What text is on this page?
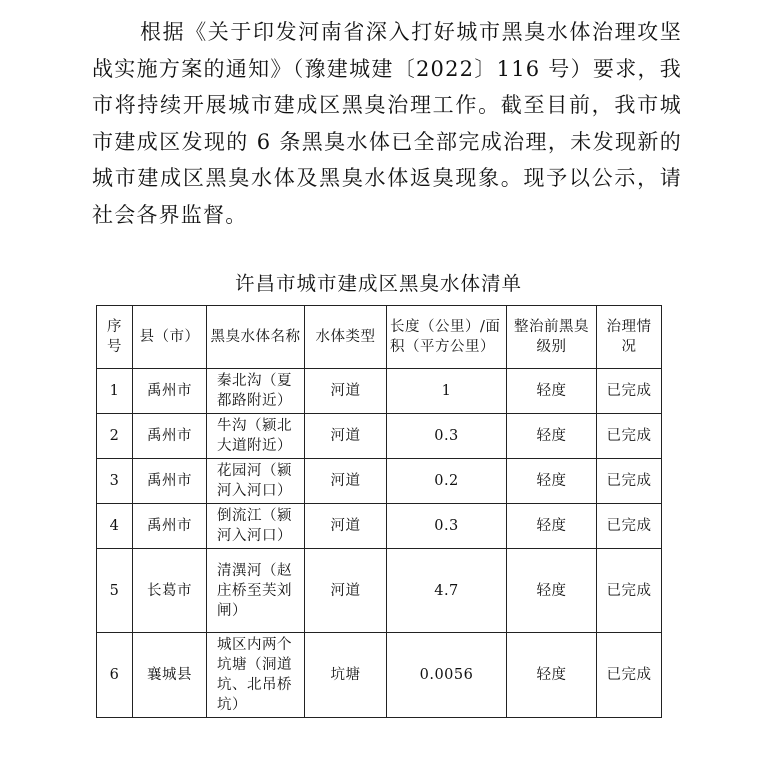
根据《关于印发河南省深入打好城市黑臭水体治理攻坚战实施方案的通知》（豫建城建〔2022〕116 号）要求，我市将持续开展城市建成区黑臭治理工作。截至目前，我市城市建成区发现的 6 条黑臭水体已全部完成治理，未发现新的城市建成区黑臭水体及黑臭水体返臭现象。现予以公示，请社会各界监督。

许昌市城市建成区黑臭水体清单
序号	县（市）	黑臭水体名称	水体类型	长度（公里）/面积（平方公里）	整治前黑臭级别	治理情况
1	禹州市	秦北沟（夏都路附近）	河道	1	轻度	已完成
2	禹州市	牛沟（颍北大道附近）	河道	0.3	轻度	已完成
3	禹州市	花园河（颍河入河口）	河道	0.2	轻度	已完成
4	禹州市	倒流江（颍河入河口）	河道	0.3	轻度	已完成
5	长葛市	清潩河（赵庄桥至芙刘闸）	河道	4.7	轻度	已完成
6	襄城县	城区内两个坑塘（洞道坑、北吊桥坑）	坑塘	0.0056	轻度	已完成
